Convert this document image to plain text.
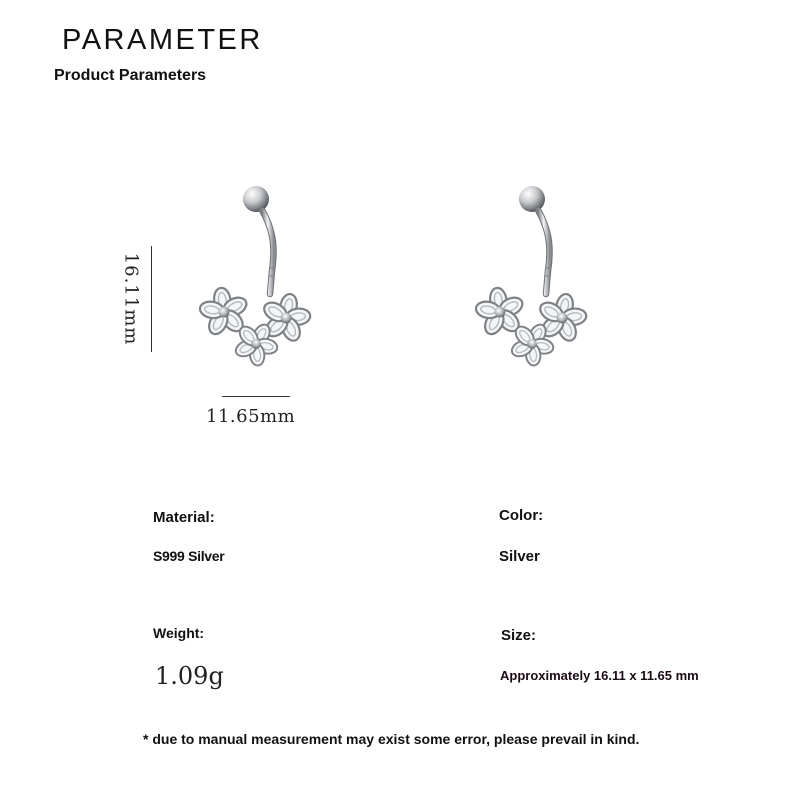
PARAMETER
Product Parameters
16.11mm
11.65mm
Material:
S999 Silver
Color:
Silver
Weight:
1.09g
Size:
Approximately 16.11 x 11.65 mm
* due to manual measurement may exist some error, please prevail in kind.
